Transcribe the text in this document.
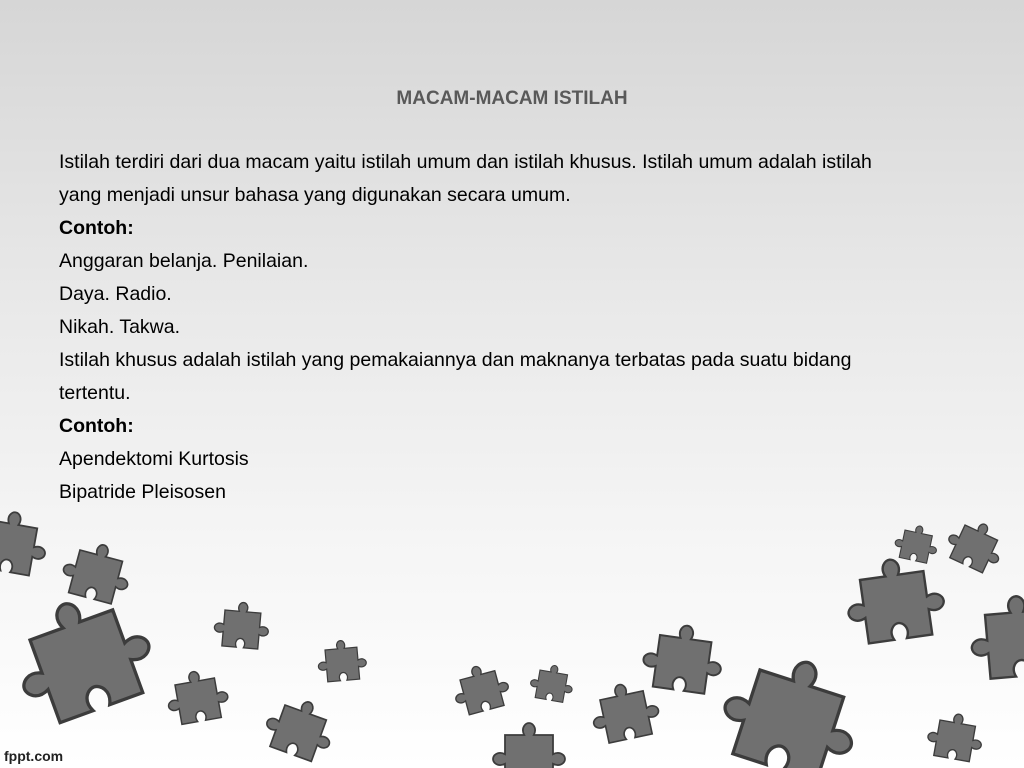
MACAM-MACAM ISTILAH

Istilah terdiri dari dua macam yaitu istilah umum dan istilah khusus. Istilah umum adalah istilah

yang menjadi unsur bahasa yang digunakan secara umum.

Contoh:

Anggaran belanja. Penilaian.

Daya. Radio.

Nikah. Takwa.

Istilah khusus adalah istilah yang pemakaiannya dan maknanya terbatas pada suatu bidang

tertentu.

Contoh:

Apendektomi Kurtosis

Bipatride Pleisosen

fppt.com
